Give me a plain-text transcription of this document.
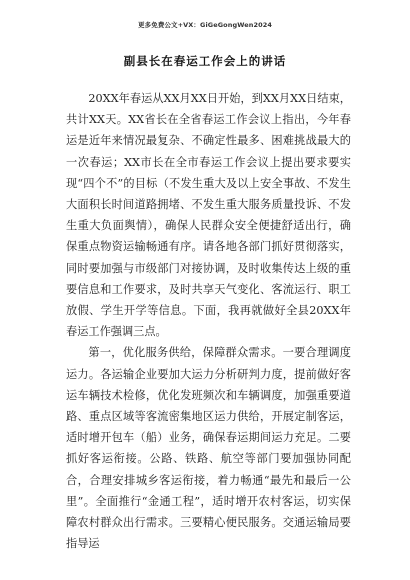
更多免费公文+VX：GiGeGongWen2024
副县长在春运工作会上的讲话

20XX年春运从XX月XX日开始，到XX月XX日结束，共计XX天。XX省长在全省春运工作会议上指出，今年春运是近年来情况最复杂、不确定性最多、困难挑战最大的一次春运；XX市长在全市春运工作会议上提出要求要实现“四个不”的目标（不发生重大及以上安全事故、不发生大面积长时间道路拥堵、不发生重大服务质量投诉、不发生重大负面舆情），确保人民群众安全便捷舒适出行，确保重点物资运输畅通有序。请各地各部门抓好贯彻落实，同时要加强与市级部门对接协调，及时收集传达上级的重要信息和工作要求，及时共享天气变化、客流运行、职工放假、学生开学等信息。下面，我再就做好全县20XX年春运工作强调三点。

第一，优化服务供给，保障群众需求。一要合理调度运力。各运输企业要加大运力分析研判力度，提前做好客运车辆技术检修，优化发班频次和车辆调度，加强重要道路、重点区域等客流密集地区运力供给，开展定制客运，适时增开包车（船）业务，确保春运期间运力充足。二要抓好客运衔接。公路、铁路、航空等部门要加强协同配合，合理安排城乡客运衔接，着力畅通“最先和最后一公里”。全面推行“金通工程”，适时增开农村客运，切实保障农村群众出行需求。三要精心便民服务。交通运输局要指导运
